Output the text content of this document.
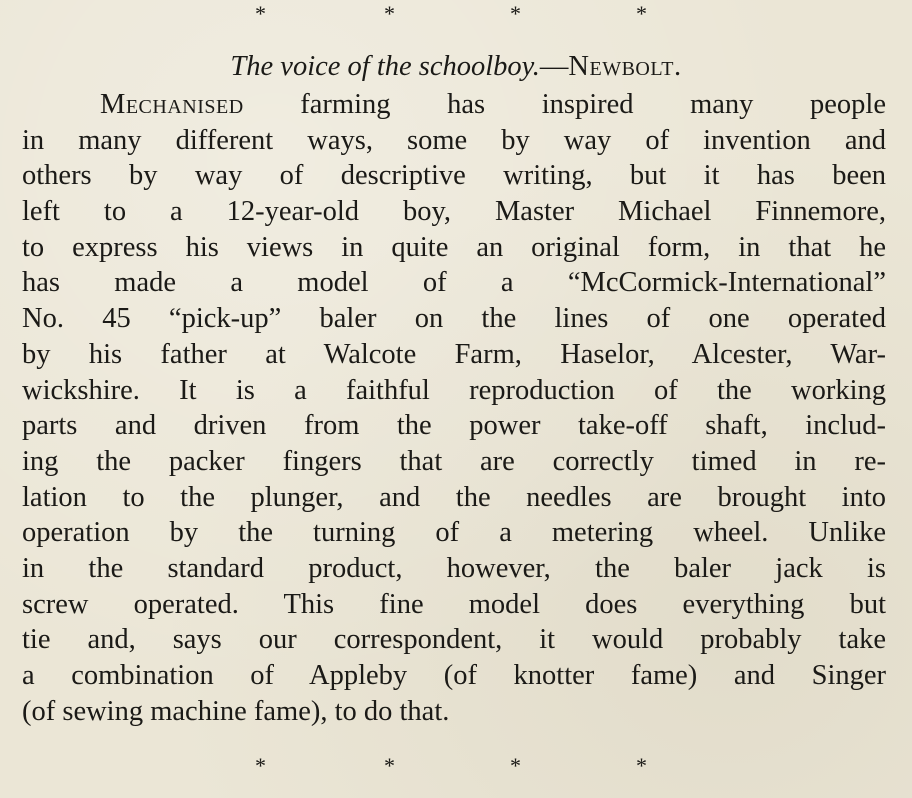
*	*	*	*
The voice of the schoolboy.—Newbolt.
Mechanised farming has inspired many people
in many different ways, some by way of invention and
others by way of descriptive writing, but it has been
left to a 12-year-old boy, Master Michael Finnemore,
to express his views in quite an original form, in that he
has made a model of a “McCormick-International”
No. 45 “pick-up” baler on the lines of one operated
by his father at Walcote Farm, Haselor, Alcester, War-
wickshire. It is a faithful reproduction of the working
parts and driven from the power take-off shaft, includ-
ing the packer fingers that are correctly timed in re-
lation to the plunger, and the needles are brought into
operation by the turning of a metering wheel. Unlike
in the standard product, however, the baler jack is
screw operated. This fine model does everything but
tie and, says our correspondent, it would probably take
a combination of Appleby (of knotter fame) and Singer
(of sewing machine fame), to do that.
*	*	*	*
